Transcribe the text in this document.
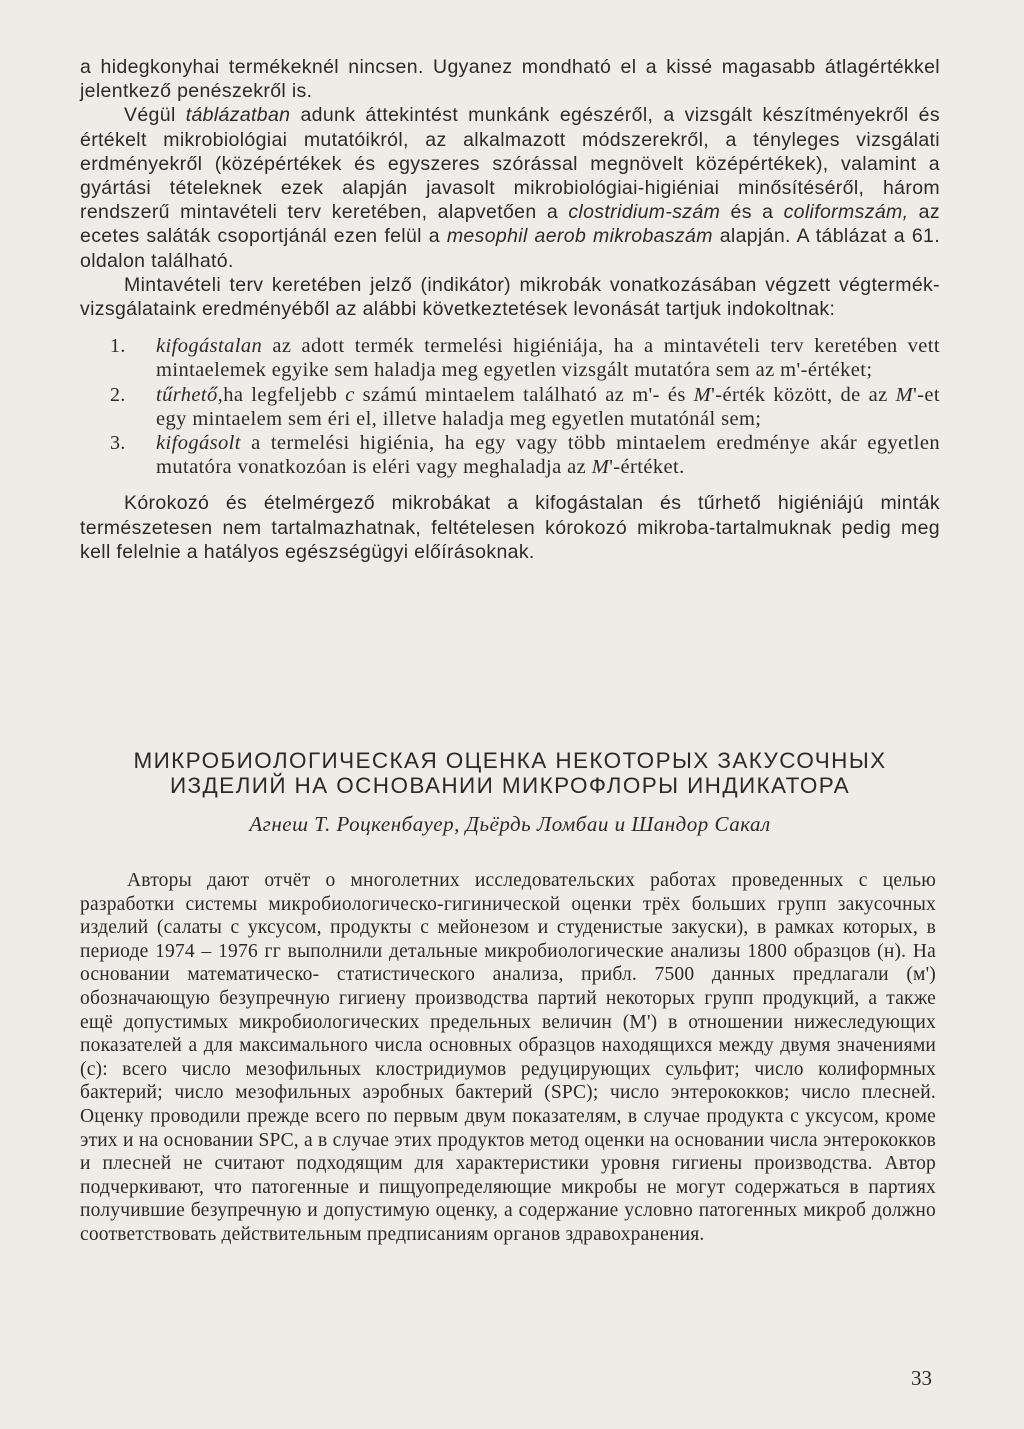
a hidegkonyhai termékeknél nincsen. Ugyanez mondható el a kissé magasabb átlagértékkel jelentkező penészekről is.

Végül táblázatban adunk áttekintést munkánk egészéről, a vizsgált készítményekről és értékelt mikrobiológiai mutatóikról, az alkalmazott módszerekről, a tényleges vizsgálati erdményekről (középértékek és egyszeres szórással megnövelt középértékek), valamint a gyártási tételeknek ezek alapján javasolt mikrobiológiai-higiéniai minősítéséről, három rendszerű mintavételi terv keretében, alapvetően a clostridium-szám és a coliformszám, az ecetes saláták csoportjánál ezen felül a mesophil aerob mikrobaszám alapján. A táblázat a 61. oldalon található.

Mintavételi terv keretében jelző (indikátor) mikrobák vonatkozásában végzett végtermék-vizsgálataink eredményéből az alábbi következtetések levonását tartjuk indokoltnak:

1.	kifogástalan az adott termék termelési higiéniája, ha a mintavételi terv keretében vett mintaelemek egyike sem haladja meg egyetlen vizsgált mutatóra sem az m'-értéket;
2.	tűrhető,ha legfeljebb c számú mintaelem található az m'- és M'-érték között, de az M'-et egy mintaelem sem éri el, illetve haladja meg egyetlen mutatónál sem;
3.	kifogásolt a termelési higiénia, ha egy vagy több mintaelem eredménye akár egyetlen mutatóra vonatkozóan is eléri vagy meghaladja az M'-értéket.

Kórokozó és ételmérgező mikrobákat a kifogástalan és tűrhető higiéniájú minták természetesen nem tartalmazhatnak, feltételesen kórokozó mikroba-tartalmuknak pedig meg kell felelnie a hatályos egészségügyi előírásoknak.

МИКРОБИОЛОГИЧЕСКАЯ ОЦЕНКА НЕКОТОРЫХ ЗАКУСОЧНЫХ
ИЗДЕЛИЙ НА ОСНОВАНИИ МИКРОФЛОРЫ ИНДИКАТОРА
Агнеш Т. Роцкенбауер, Дьёрдь Ломбаи и Шандор Сакал

Авторы дают отчёт о многолетних исследовательских работах проведенных с целью разработки системы микробиологическо-гигинической оценки трёх больших групп закусочных изделий (салаты с уксусом, продукты с мейонезом и студенистые закуски), в рамках которых, в периоде 1974 – 1976 гг выполнили детальные микробиологические анализы 1800 образцов (н). На основании математическо- статистического анализа, прибл. 7500 данных предлагали (м') обозначающую безупречную гигиену производства партий некоторых групп продукций, а также ещё допустимых микробиологических предельных величин (М') в отношении нижеследующих показателей а для максимального числа основных образцов находящихся между двумя значениями (с): всего число мезофильных клостридиумов редуцирующих сульфит; число колиформных бактерий; число мезофильных аэробных бактерий (SPC); число энтерококков; число плесней. Оценку проводили прежде всего по первым двум показателям, в случае продукта с уксусом, кроме этих и на основании SPC, а в случае этих продуктов метод оценки на основании числа энтерококков и плесней не считают подходящим для характеристики уровня гигиены производства. Автор подчеркивают, что патогенные и пищуопределяющие микробы не могут содержаться в партиях получившие безупречную и допустимую оценку, а содержание условно патогенных микроб должно соответствовать действительным предписаниям органов здравохранения.

33
